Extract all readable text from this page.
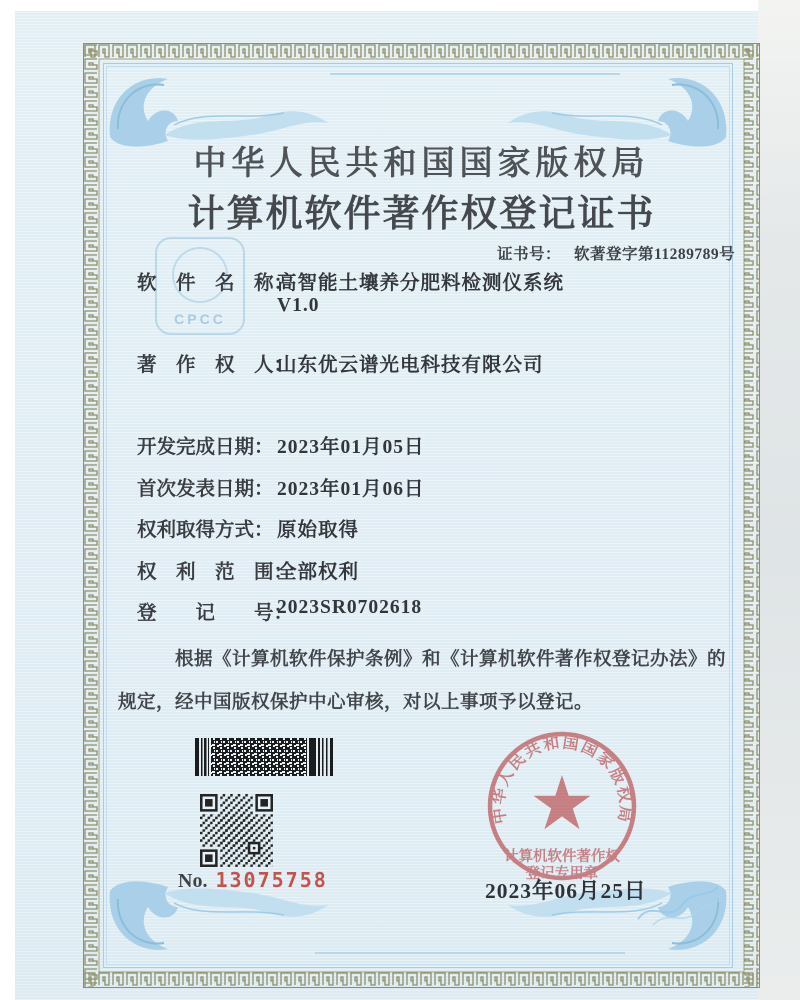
CPCC
中华人民共和国国家版权局
计算机软件著作权登记证书
证书号： 软著登字第11289789号
软　件　名　称：
高智能土壤养分肥料检测仪系统
V1.0
著　作　权　人：
山东优云谱光电科技有限公司
开发完成日期： 2023年01月05日
首次发表日期： 2023年01月06日
权利取得方式： 原始取得
权　利　范　围：
全部权利
登　　记　　号：
2023SR0702618
根据《计算机软件保护条例》和《计算机软件著作权登记办法》的
规定，经中国版权保护中心审核，对以上事项予以登记。
No. 13075758
中华人民共和国国家版权局
计算机软件著作权
登记专用章
2023年06月25日
